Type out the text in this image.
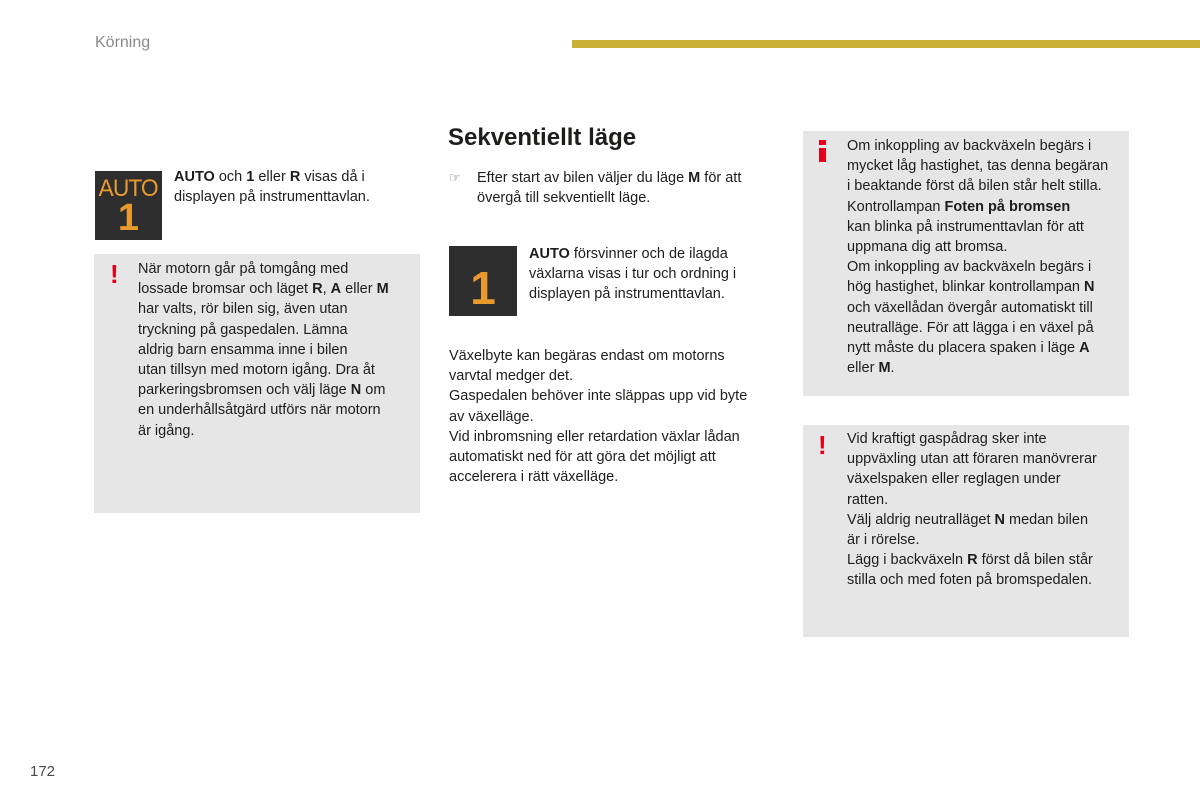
Körning
AUTO
1
AUTO och 1 eller R visas då i
displayen på instrumenttavlan.
! När motorn går på tomgång med
lossade bromsar och läget R, A eller M
har valts, rör bilen sig, även utan
tryckning på gaspedalen. Lämna
aldrig barn ensamma inne i bilen
utan tillsyn med motorn igång. Dra åt
parkeringsbromsen och välj läge N om
en underhållsåtgärd utförs när motorn
är igång.
Sekventiellt läge
☞ Efter start av bilen väljer du läge M för att
övergå till sekventiellt läge.
1
AUTO försvinner och de ilagda
växlarna visas i tur och ordning i
displayen på instrumenttavlan.
Växelbyte kan begäras endast om motorns
varvtal medger det.
Gaspedalen behöver inte släppas upp vid byte
av växelläge.
Vid inbromsning eller retardation växlar lådan
automatiskt ned för att göra det möjligt att
accelerera i rätt växelläge.
Om inkoppling av backväxeln begärs i
mycket låg hastighet, tas denna begäran
i beaktande först då bilen står helt stilla.
Kontrollampan Foten på bromsen
kan blinka på instrumenttavlan för att
uppmana dig att bromsa.
Om inkoppling av backväxeln begärs i
hög hastighet, blinkar kontrollampan N
och växellådan övergår automatiskt till
neutralläge. För att lägga i en växel på
nytt måste du placera spaken i läge A
eller M.
! Vid kraftigt gaspådrag sker inte
uppväxling utan att föraren manövrerar
växelspaken eller reglagen under
ratten.
Välj aldrig neutralläget N medan bilen
är i rörelse.
Lägg i backväxeln R först då bilen står
stilla och med foten på bromspedalen.
172
